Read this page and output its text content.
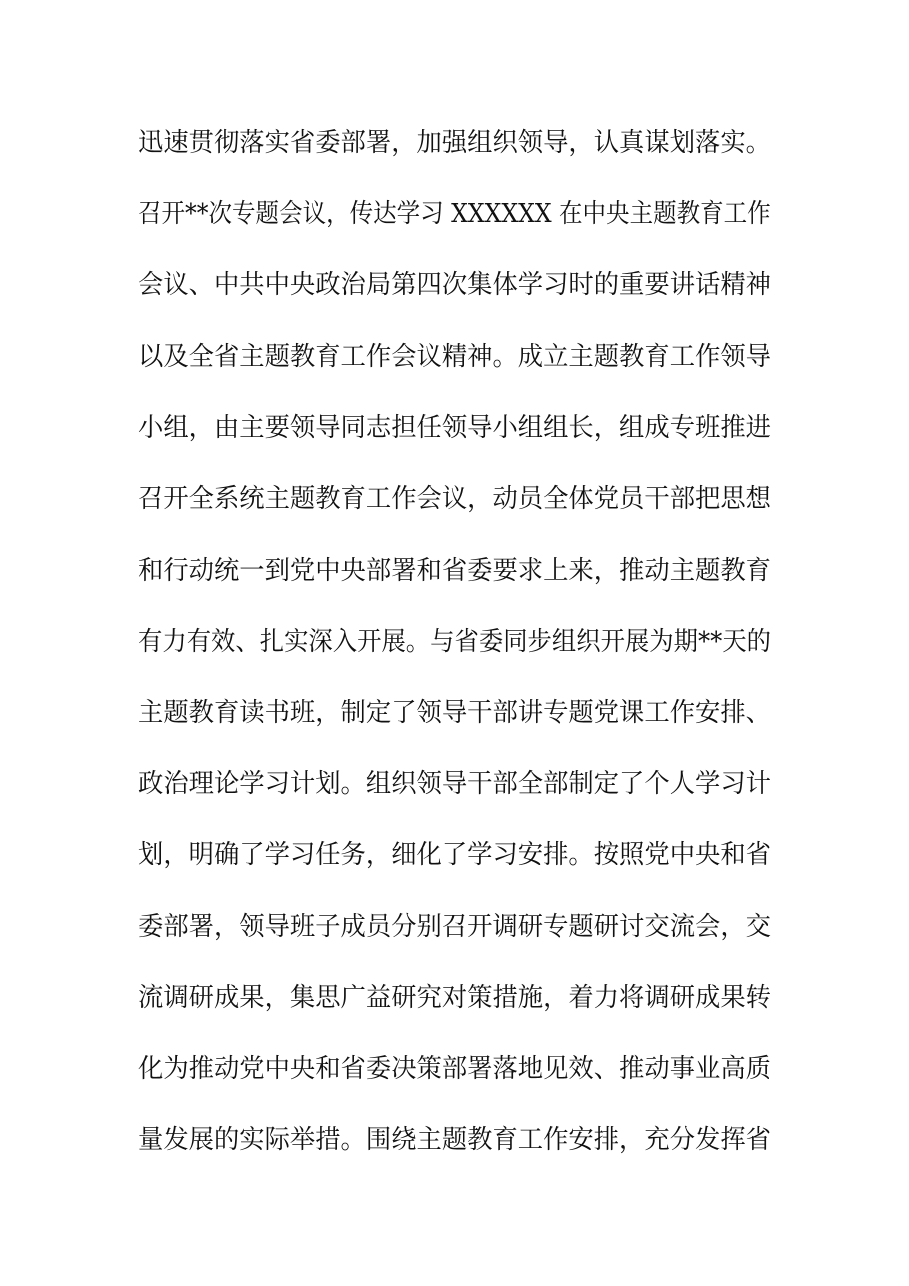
迅速贯彻落实省委部署，加强组织领导，认真谋划落实。
召开**次专题会议，传达学习 XXXXXX 在中央主题教育工作
会议、中共中央政治局第四次集体学习时的重要讲话精神
以及全省主题教育工作会议精神。成立主题教育工作领导
小组，由主要领导同志担任领导小组组长，组成专班推进
召开全系统主题教育工作会议，动员全体党员干部把思想
和行动统一到党中央部署和省委要求上来，推动主题教育
有力有效、扎实深入开展。与省委同步组织开展为期**天的
主题教育读书班，制定了领导干部讲专题党课工作安排、
政治理论学习计划。组织领导干部全部制定了个人学习计
划，明确了学习任务，细化了学习安排。按照党中央和省
委部署，领导班子成员分别召开调研专题研讨交流会，交
流调研成果，集思广益研究对策措施，着力将调研成果转
化为推动党中央和省委决策部署落地见效、推动事业高质
量发展的实际举措。围绕主题教育工作安排，充分发挥省
